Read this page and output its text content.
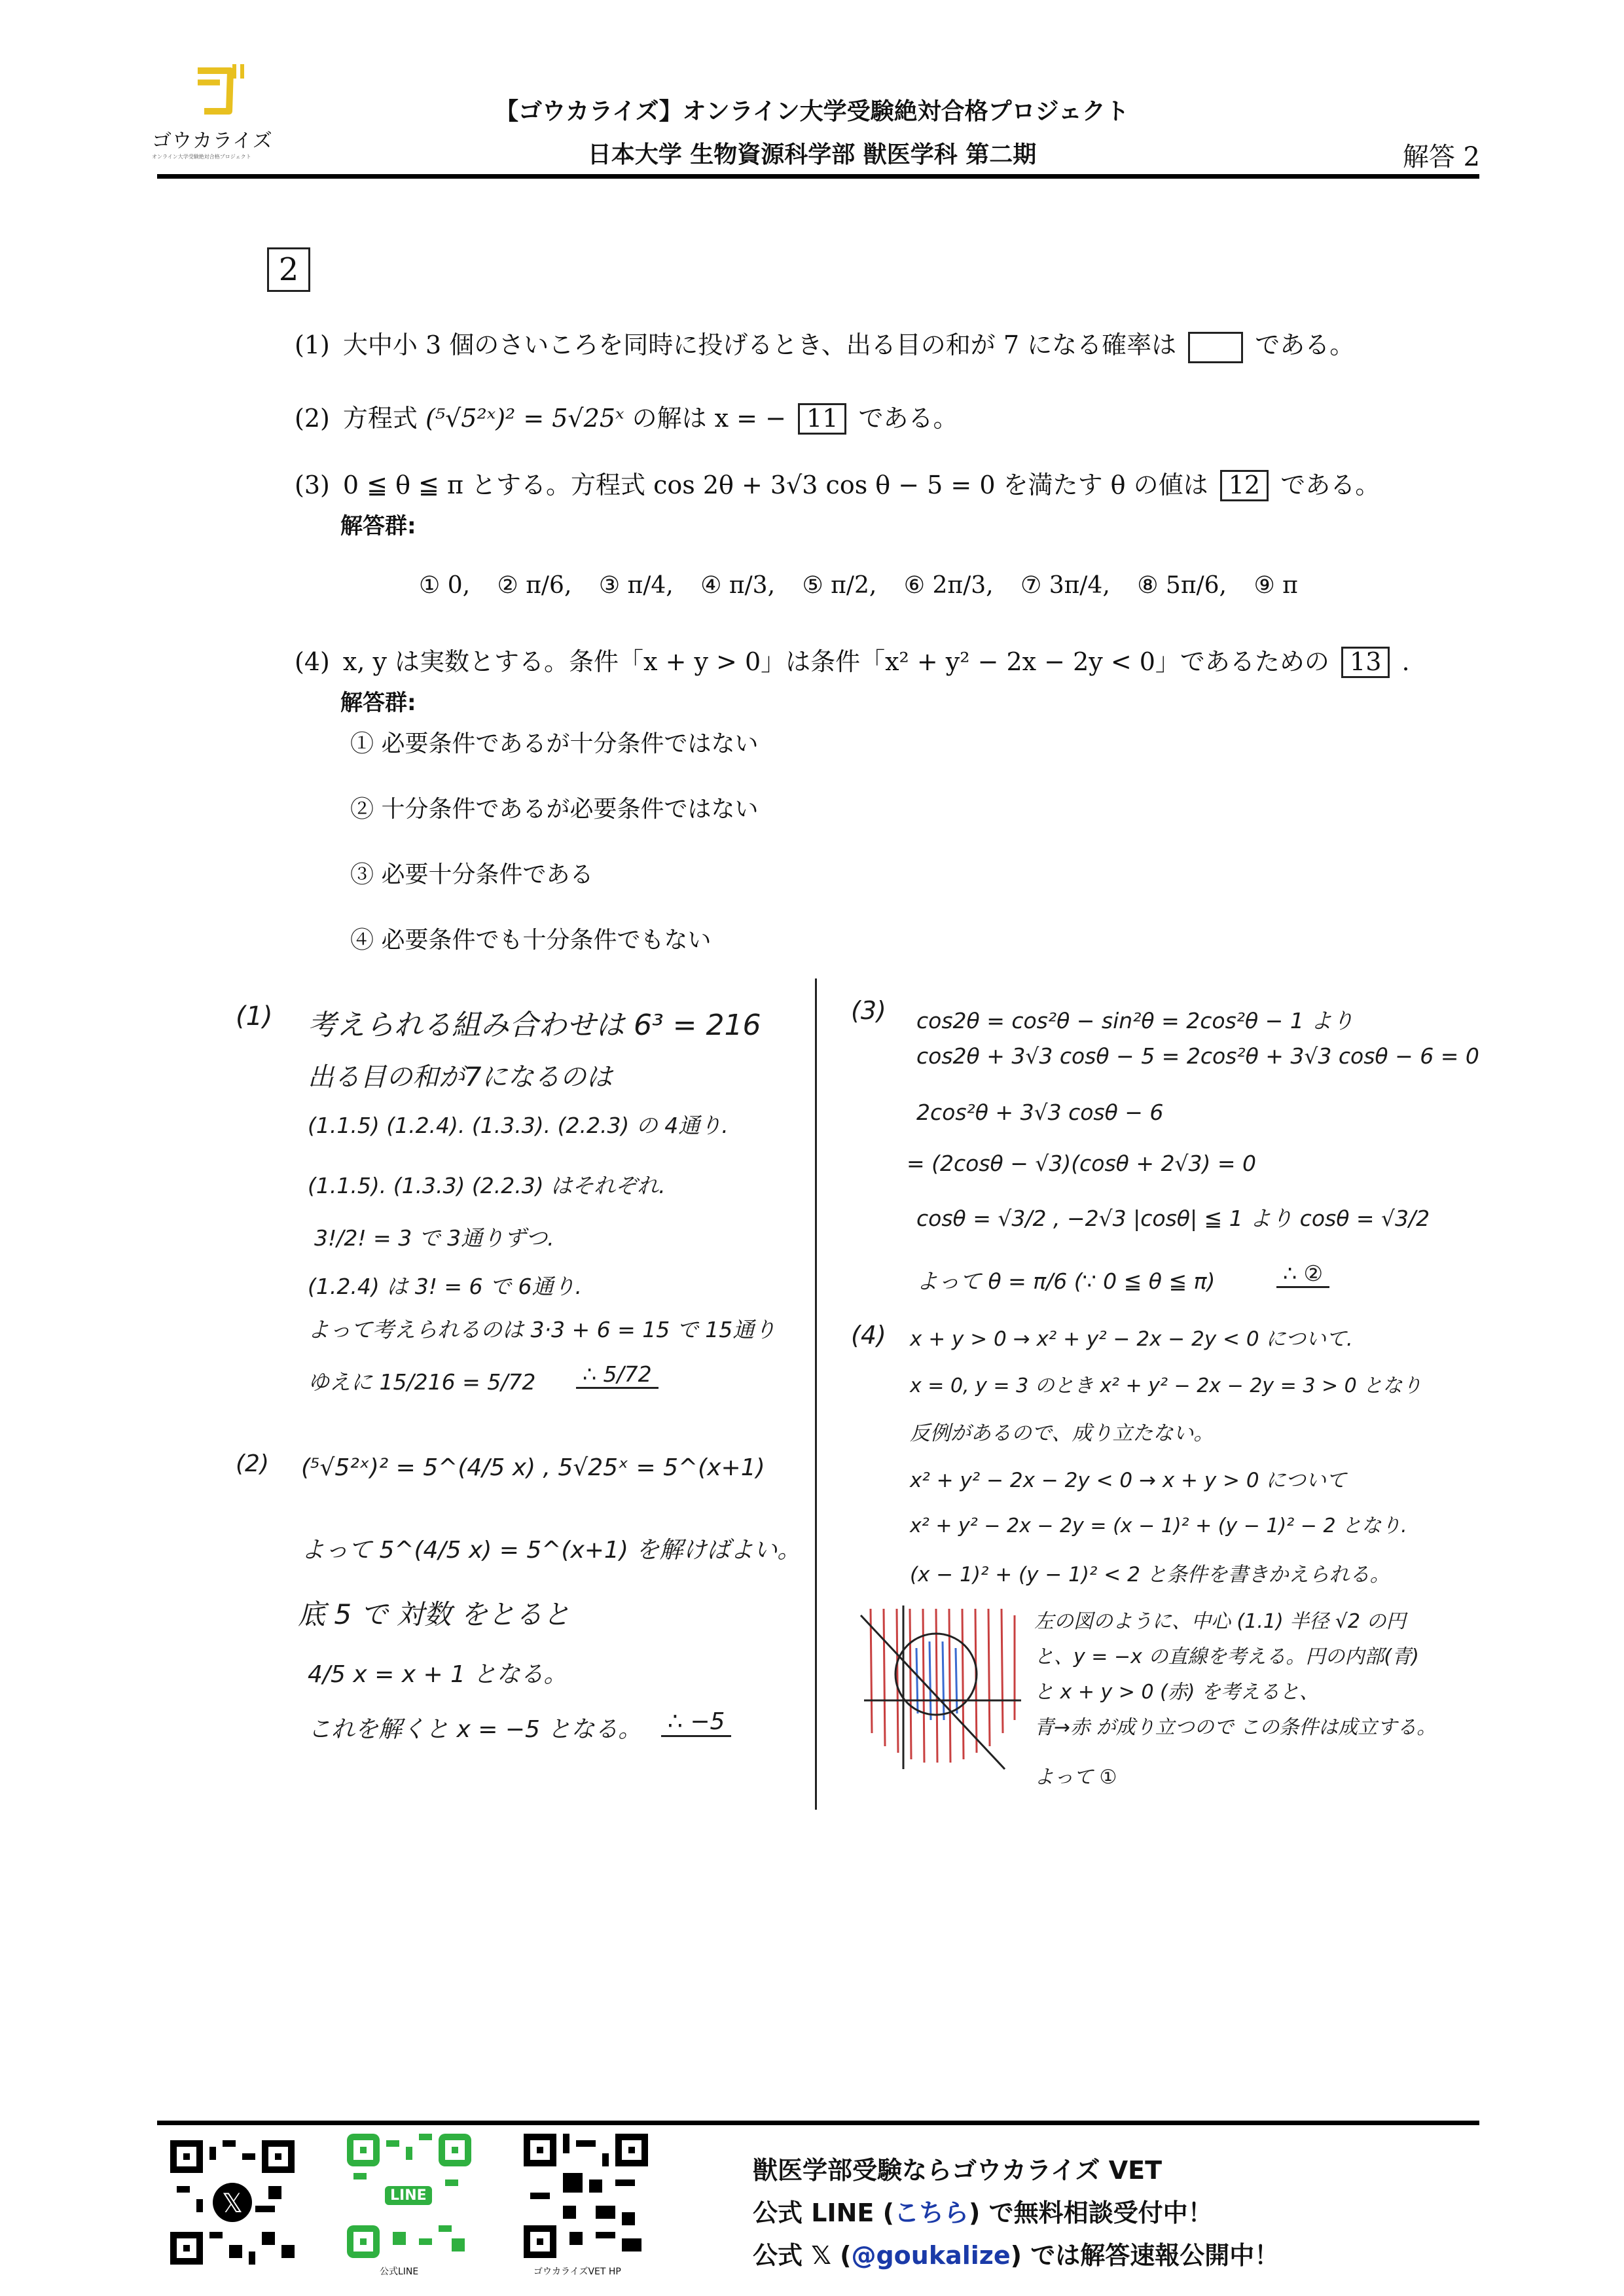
ゴウカライズ
オンライン大学受験絶対合格プロジェクト
【ゴウカライズ】オンライン大学受験絶対合格プロジェクト
日本大学 生物資源科学部 獣医学科 第二期	解答 2
2
(1) 大中小 3 個のさいころを同時に投げるとき、出る目の和が 7 になる確率は	である。
(2) 方程式 (⁵√5²ˣ)² = 5√25ˣ の解は x = − 11 である。
(3) 0 ≦ θ ≦ π とする。方程式 cos 2θ + 3√3 cos θ − 5 = 0 を満たす θ の値は 12 である。
解答群:
① 0, ② π/6, ③ π/4, ④ π/3, ⑤ π/2, ⑥ 2π/3, ⑦ 3π/4, ⑧ 5π/6, ⑨ π
(4) x, y は実数とする。条件「x + y > 0」は条件「x² + y² − 2x − 2y < 0」であるための 13 .
解答群:
① 必要条件であるが十分条件ではない
② 十分条件であるが必要条件ではない
③ 必要十分条件である
④ 必要条件でも十分条件でもない
(1) 考えられる組み合わせは 6³ = 216
出る目の和が7になるのは
(1.1.5) (1.2.4). (1.3.3). (2.2.3) の 4通り.
(1.1.5). (1.3.3) (2.2.3) はそれぞれ.
3!/2! = 3 で 3通りずつ.
(1.2.4) は 3! = 6 で 6通り.
よって考えられるのは 3·3 + 6 = 15 で 15通り
ゆえに 15/216 = 5/72	∴ 5/72
(2) (⁵√5²ˣ)² = 5^(4/5 x) , 5√25ˣ = 5^(x+1)
よって 5^(4/5 x) = 5^(x+1) を解けばよい。
底 5 で 対数 をとると
4/5 x = x + 1 となる。
これを解くと x = −5 となる。 ∴ −5
(3) cos2θ = cos²θ − sin²θ = 2cos²θ − 1 より
cos2θ + 3√3 cosθ − 5 = 2cos²θ + 3√3 cosθ − 6 = 0
2cos²θ + 3√3 cosθ − 6
= (2cosθ − √3)(cosθ + 2√3) = 0
cosθ = √3/2 , −2√3 |cosθ| ≦ 1 より cosθ = √3/2
よって θ = π/6 (∵ 0 ≦ θ ≦ π)	∴ ②
(4) x + y > 0 → x² + y² − 2x − 2y < 0 について.
x = 0, y = 3 のとき x² + y² − 2x − 2y = 3 > 0 となり
反例があるので、成り立たない。
x² + y² − 2x − 2y < 0 → x + y > 0 について
x² + y² − 2x − 2y = (x − 1)² + (y − 1)² − 2 となり.
(x − 1)² + (y − 1)² < 2 と条件を書きかえられる。
左の図のように、中心 (1.1) 半径 √2 の円
と、y = −x の直線を考える。円の内部(青)
と x + y > 0 (赤) を考えると、
青→赤 が成り立つので この条件は成立する。
よって ①
𝕏	LINE
公式LINE	ゴウカライズVET HP
獣医学部受験ならゴウカライズ VET
公式 LINE (こちら) で無料相談受付中！
公式 𝕏 (@goukalize) では解答速報公開中！
